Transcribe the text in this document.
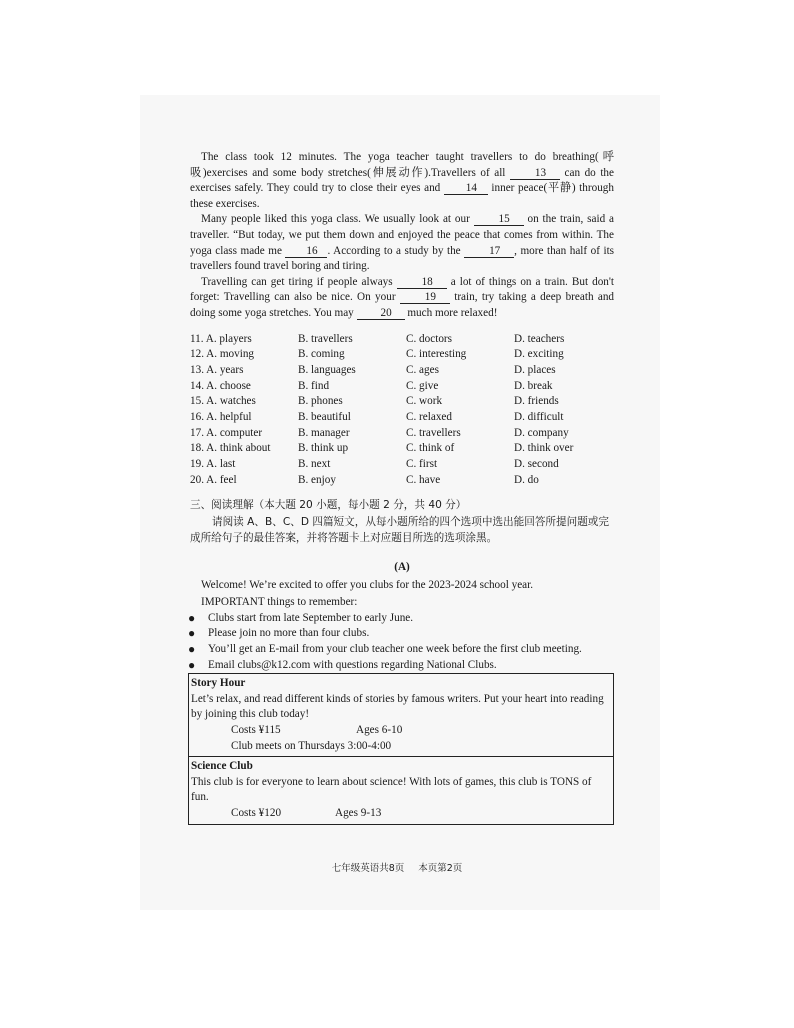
The class took 12 minutes. The yoga teacher taught travellers to do breathing(呼吸)exercises and some body stretches(伸展动作).Travellers of all	13 can do the exercises safely. They could try to close their eyes and 14 inner peace(平静) through these exercises.

Many people liked this yoga class. We usually look at our	15 on the train, said a traveller. “But today, we put them down and enjoyed the peace that comes from within. The yoga class made me 16 . According to a study by the	17 , more than half of its travellers found travel boring and tiring.

Travelling can get tiring if people always	18 a lot of things on a train. But don't forget: Travelling can also be nice. On your	19 train, try taking a deep breath and doing some yoga stretches. You may 20 much more relaxed!

11. A. players	B. travellers	C. doctors	D. teachers
12. A. moving	B. coming	C. interesting	D. exciting
13. A. years	B. languages	C. ages	D. places
14. A. choose	B. find	C. give	D. break
15. A. watches	B. phones	C. work	D. friends
16. A. helpful	B. beautiful	C. relaxed	D. difficult
17. A. computer	B. manager	C. travellers	D. company
18. A. think about	B. think up	C. think of	D. think over
19. A. last	B. next	C. first	D. second
20. A. feel	B. enjoy	C. have	D. do
三、阅读理解（本大题 20 小题，每小题 2 分，共 40 分）
请阅读 A、B、C、D 四篇短文，从每小题所给的四个选项中选出能回答所提问题或完成所给句子的最佳答案，并将答题卡上对应题目所选的选项涂黑。
(A)
Welcome! We’re excited to offer you clubs for the 2023-2024 school year.
IMPORTANT things to remember:
● Clubs start from late September to early June.
● Please join no more than four clubs.
● You’ll get an E-mail from your club teacher one week before the first club meeting.
● Email clubs@k12.com with questions regarding National Clubs.
Story Hour
Let’s relax, and read different kinds of stories by famous writers. Put your heart into reading by joining this club today!
Costs ¥115	Ages 6-10
Club meets on Thursdays 3:00-4:00
Science Club
This club is for everyone to learn about science! With lots of games, this club is TONS of fun.
Costs ¥120	Ages 9-13
七年级英语共8页 本页第2页
